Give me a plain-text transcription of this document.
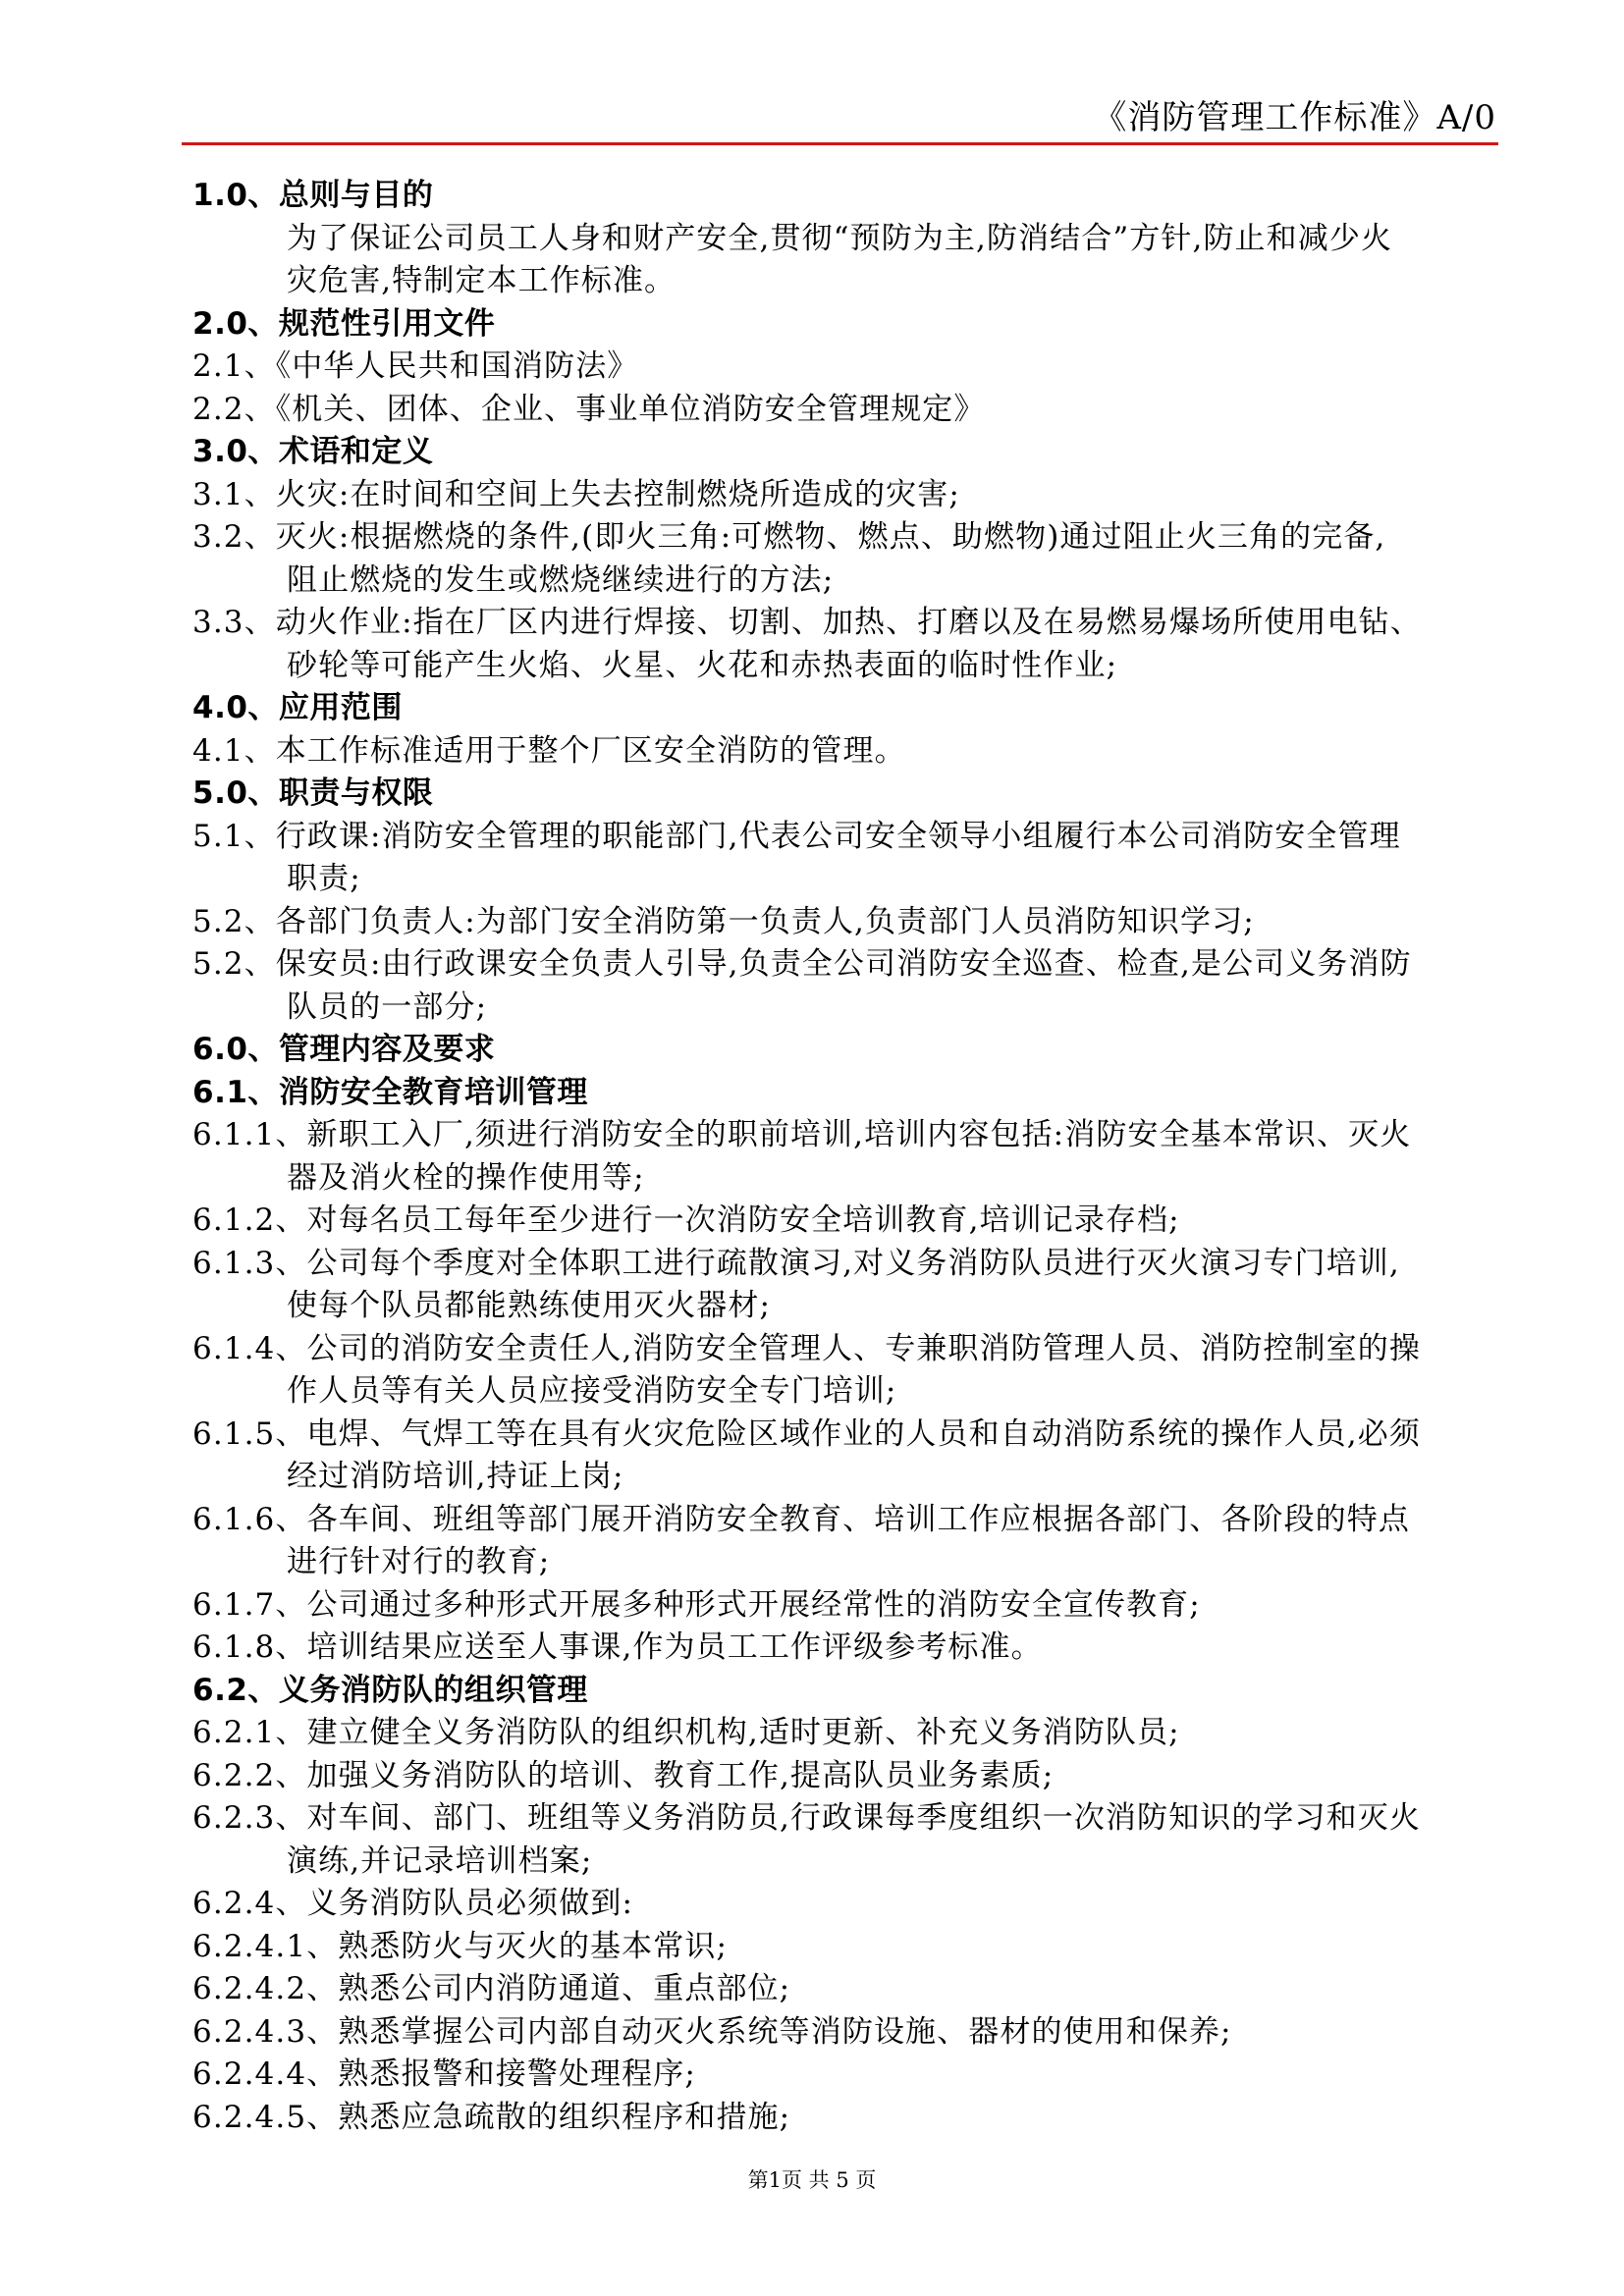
《消防管理工作标准》A/0
1.0、总则与目的
为了保证公司员工人身和财产安全,贯彻“预防为主,防消结合”方针,防止和减少火
灾危害,特制定本工作标准。
2.0、规范性引用文件
2.1、《中华人民共和国消防法》
2.2、《机关、团体、企业、事业单位消防安全管理规定》
3.0、术语和定义
3.1、火灾:在时间和空间上失去控制燃烧所造成的灾害;
3.2、灭火:根据燃烧的条件,(即火三角:可燃物、燃点、助燃物)通过阻止火三角的完备,
阻止燃烧的发生或燃烧继续进行的方法;
3.3、动火作业:指在厂区内进行焊接、切割、加热、打磨以及在易燃易爆场所使用电钻、
砂轮等可能产生火焰、火星、火花和赤热表面的临时性作业;
4.0、应用范围
4.1、本工作标准适用于整个厂区安全消防的管理。
5.0、职责与权限
5.1、行政课:消防安全管理的职能部门,代表公司安全领导小组履行本公司消防安全管理
职责;
5.2、各部门负责人:为部门安全消防第一负责人,负责部门人员消防知识学习;
5.2、保安员:由行政课安全负责人引导,负责全公司消防安全巡查、检查,是公司义务消防
队员的一部分;
6.0、管理内容及要求
6.1、消防安全教育培训管理
6.1.1、新职工入厂,须进行消防安全的职前培训,培训内容包括:消防安全基本常识、灭火
器及消火栓的操作使用等;
6.1.2、对每名员工每年至少进行一次消防安全培训教育,培训记录存档;
6.1.3、公司每个季度对全体职工进行疏散演习,对义务消防队员进行灭火演习专门培训,
使每个队员都能熟练使用灭火器材;
6.1.4、公司的消防安全责任人,消防安全管理人、专兼职消防管理人员、消防控制室的操
作人员等有关人员应接受消防安全专门培训;
6.1.5、电焊、气焊工等在具有火灾危险区域作业的人员和自动消防系统的操作人员,必须
经过消防培训,持证上岗;
6.1.6、各车间、班组等部门展开消防安全教育、培训工作应根据各部门、各阶段的特点
进行针对行的教育;
6.1.7、公司通过多种形式开展多种形式开展经常性的消防安全宣传教育;
6.1.8、培训结果应送至人事课,作为员工工作评级参考标准。
6.2、义务消防队的组织管理
6.2.1、建立健全义务消防队的组织机构,适时更新、补充义务消防队员;
6.2.2、加强义务消防队的培训、教育工作,提高队员业务素质;
6.2.3、对车间、部门、班组等义务消防员,行政课每季度组织一次消防知识的学习和灭火
演练,并记录培训档案;
6.2.4、义务消防队员必须做到:
6.2.4.1、熟悉防火与灭火的基本常识;
6.2.4.2、熟悉公司内消防通道、重点部位;
6.2.4.3、熟悉掌握公司内部自动灭火系统等消防设施、器材的使用和保养;
6.2.4.4、熟悉报警和接警处理程序;
6.2.4.5、熟悉应急疏散的组织程序和措施;
第1页 共 5 页
